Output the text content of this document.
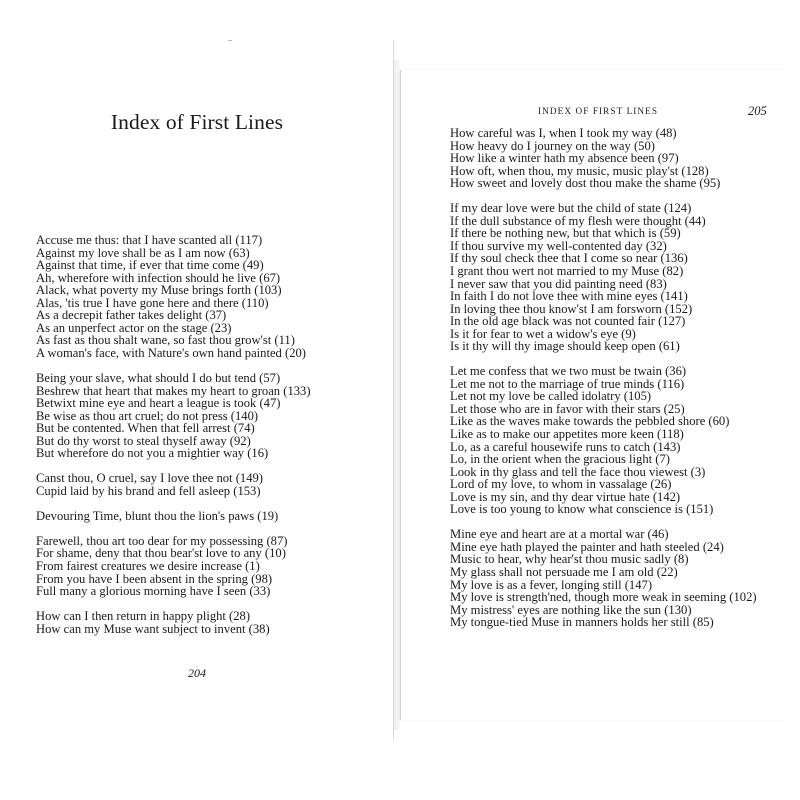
Index of First Lines
Accuse me thus: that I have scanted all (117)
Against my love shall be as I am now (63)
Against that time, if ever that time come (49)
Ah, wherefore with infection should he live (67)
Alack, what poverty my Muse brings forth (103)
Alas, 'tis true I have gone here and there (110)
As a decrepit father takes delight (37)
As an unperfect actor on the stage (23)
As fast as thou shalt wane, so fast thou grow'st (11)
A woman's face, with Nature's own hand painted (20)
Being your slave, what should I do but tend (57)
Beshrew that heart that makes my heart to groan (133)
Betwixt mine eye and heart a league is took (47)
Be wise as thou art cruel; do not press (140)
But be contented. When that fell arrest (74)
But do thy worst to steal thyself away (92)
But wherefore do not you a mightier way (16)
Canst thou, O cruel, say I love thee not (149)
Cupid laid by his brand and fell asleep (153)
Devouring Time, blunt thou the lion's paws (19)
Farewell, thou art too dear for my possessing (87)
For shame, deny that thou bear'st love to any (10)
From fairest creatures we desire increase (1)
From you have I been absent in the spring (98)
Full many a glorious morning have I seen (33)
How can I then return in happy plight (28)
How can my Muse want subject to invent (38)
204
INDEX OF FIRST LINES	205
How careful was I, when I took my way (48)
How heavy do I journey on the way (50)
How like a winter hath my absence been (97)
How oft, when thou, my music, music play'st (128)
How sweet and lovely dost thou make the shame (95)
If my dear love were but the child of state (124)
If the dull substance of my flesh were thought (44)
If there be nothing new, but that which is (59)
If thou survive my well-contented day (32)
If thy soul check thee that I come so near (136)
I grant thou wert not married to my Muse (82)
I never saw that you did painting need (83)
In faith I do not love thee with mine eyes (141)
In loving thee thou know'st I am forsworn (152)
In the old age black was not counted fair (127)
Is it for fear to wet a widow's eye (9)
Is it thy will thy image should keep open (61)
Let me confess that we two must be twain (36)
Let me not to the marriage of true minds (116)
Let not my love be called idolatry (105)
Let those who are in favor with their stars (25)
Like as the waves make towards the pebbled shore (60)
Like as to make our appetites more keen (118)
Lo, as a careful housewife runs to catch (143)
Lo, in the orient when the gracious light (7)
Look in thy glass and tell the face thou viewest (3)
Lord of my love, to whom in vassalage (26)
Love is my sin, and thy dear virtue hate (142)
Love is too young to know what conscience is (151)
Mine eye and heart are at a mortal war (46)
Mine eye hath played the painter and hath steeled (24)
Music to hear, why hear'st thou music sadly (8)
My glass shall not persuade me I am old (22)
My love is as a fever, longing still (147)
My love is strength'ned, though more weak in seeming (102)
My mistress' eyes are nothing like the sun (130)
My tongue-tied Muse in manners holds her still (85)
